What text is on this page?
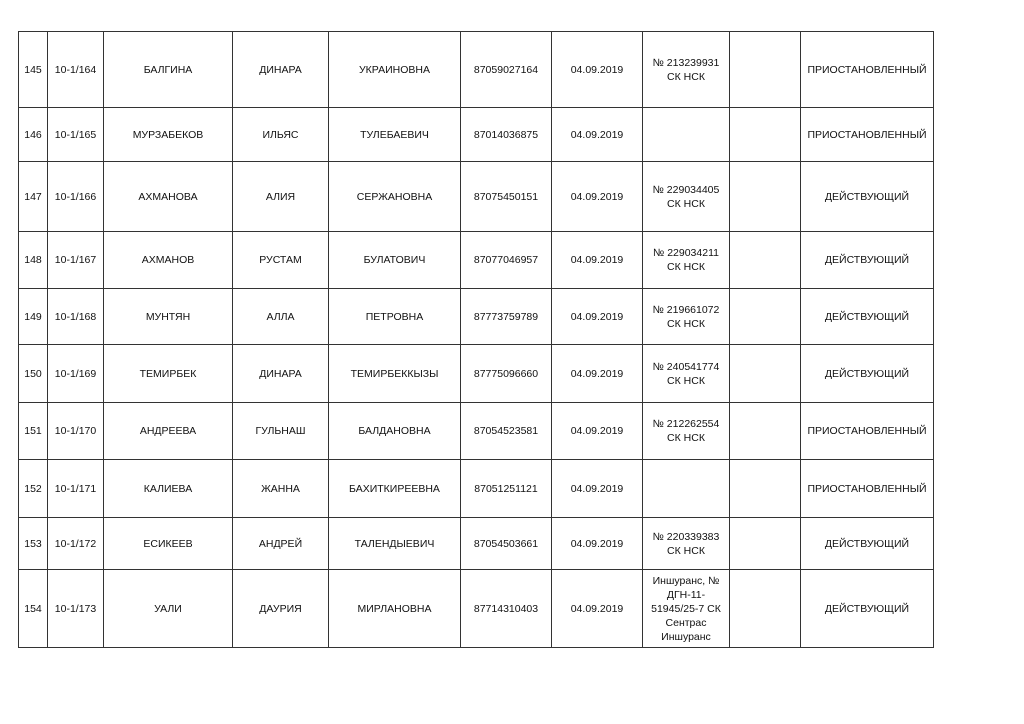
145	10-1/164	БАЛГИНА	ДИНАРА	УКРАИНОВНА	87059027164	04.09.2019	№ 213239931
СК НСК		ПРИОСТАНОВЛЕННЫЙ
146	10-1/165	МУРЗАБЕКОВ	ИЛЬЯС	ТУЛЕБАЕВИЧ	87014036875	04.09.2019			ПРИОСТАНОВЛЕННЫЙ
147	10-1/166	АХМАНОВА	АЛИЯ	СЕРЖАНОВНА	87075450151	04.09.2019	№ 229034405
СК НСК		ДЕЙСТВУЮЩИЙ
148	10-1/167	АХМАНОВ	РУСТАМ	БУЛАТОВИЧ	87077046957	04.09.2019	№ 229034211
СК НСК		ДЕЙСТВУЮЩИЙ
149	10-1/168	МУНТЯН	АЛЛА	ПЕТРОВНА	87773759789	04.09.2019	№ 219661072
СК НСК		ДЕЙСТВУЮЩИЙ
150	10-1/169	ТЕМИРБЕК	ДИНАРА	ТЕМИРБЕККЫЗЫ	87775096660	04.09.2019	№ 240541774
СК НСК		ДЕЙСТВУЮЩИЙ
151	10-1/170	АНДРЕЕВА	ГУЛЬНАШ	БАЛДАНОВНА	87054523581	04.09.2019	№ 212262554
СК НСК		ПРИОСТАНОВЛЕННЫЙ
152	10-1/171	КАЛИЕВА	ЖАННА	БАХИТКИРЕЕВНА	87051251121	04.09.2019			ПРИОСТАНОВЛЕННЫЙ
153	10-1/172	ЕСИКЕЕВ	АНДРЕЙ	ТАЛЕНДЫЕВИЧ	87054503661	04.09.2019	№ 220339383
СК НСК		ДЕЙСТВУЮЩИЙ
154	10-1/173	УАЛИ	ДАУРИЯ	МИРЛАНОВНА	87714310403	04.09.2019	Иншуранс, №
ДГН-11-
51945/25-7 СК
Сентрас
Иншуранс		ДЕЙСТВУЮЩИЙ
